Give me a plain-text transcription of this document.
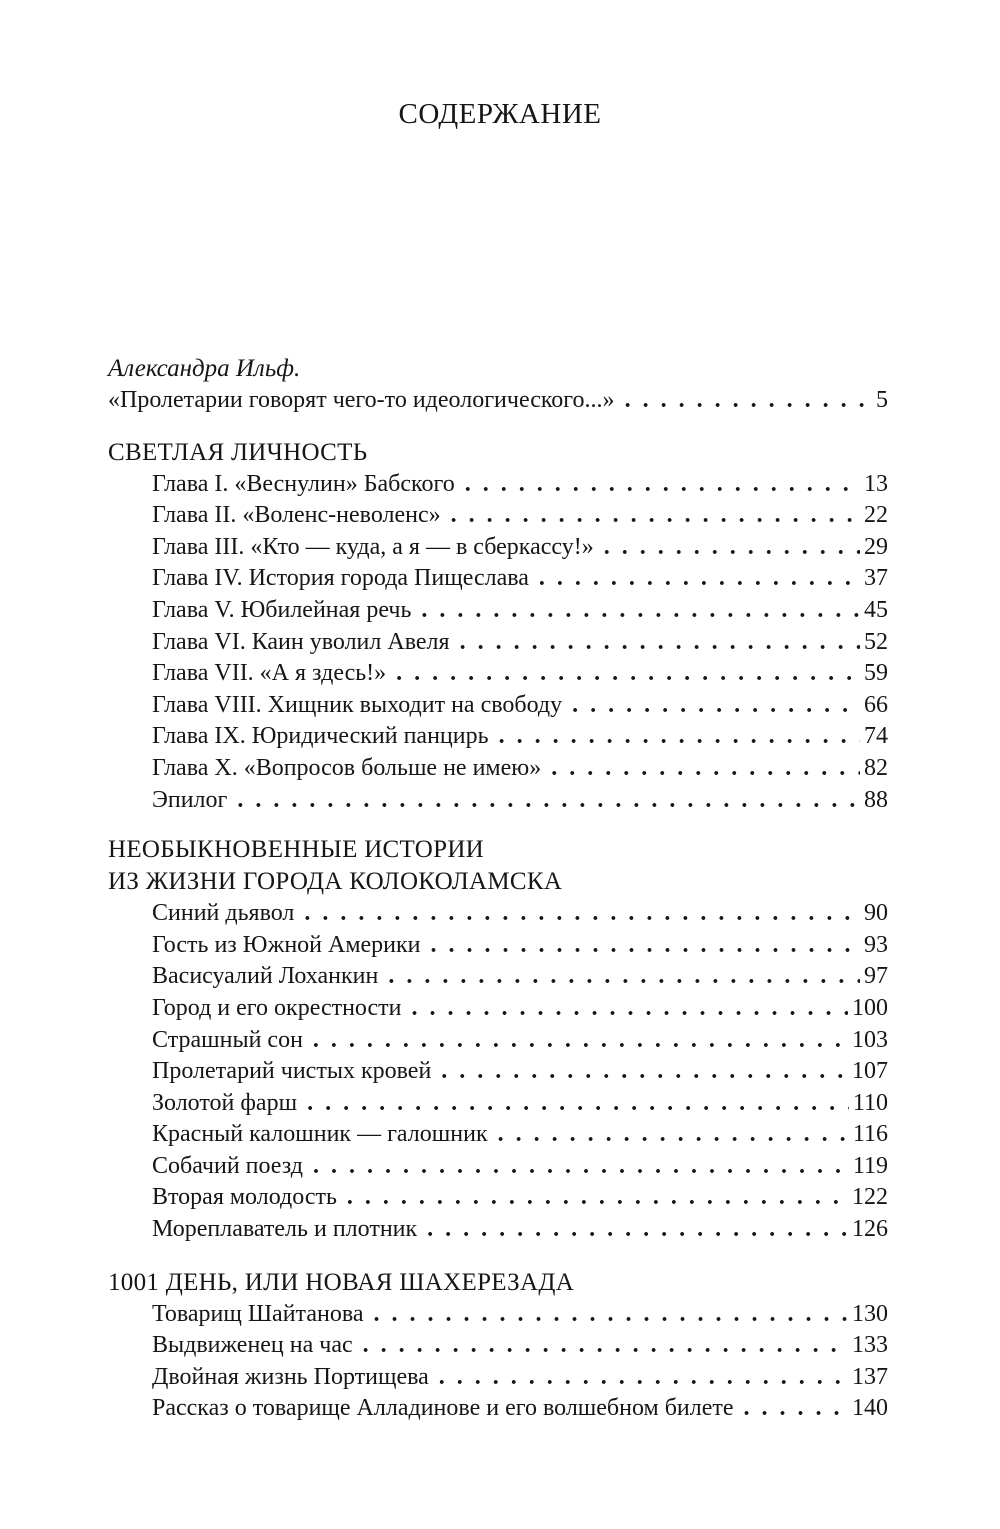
СОДЕРЖАНИЕ
Александра Ильф.
«Пролетарии говорят чего-то идеологического...» . . .	5
СВЕТЛАЯ ЛИЧНОСТЬ
Глава I. «Веснулин» Бабского . . .	13
Глава II. «Воленс-неволенс» . . .	22
Глава III. «Кто — куда, а я — в сберкассу!» . . .	29
Глава IV. История города Пищеслава . . .	37
Глава V. Юбилейная речь . . .	45
Глава VI. Каин уволил Авеля . . .	52
Глава VII. «А я здесь!» . . .	59
Глава VIII. Хищник выходит на свободу . . .	66
Глава IX. Юридический панцирь . . .	74
Глава X. «Вопросов больше не имею» . . .	82
Эпилог . . .	88
НЕОБЫКНОВЕННЫЕ ИСТОРИИ
ИЗ ЖИЗНИ ГОРОДА КОЛОКОЛАМСКА
Синий дьявол . . .	90
Гость из Южной Америки . . .	93
Васисуалий Лоханкин . . .	97
Город и его окрестности . . .	100
Страшный сон . . .	103
Пролетарий чистых кровей . . .	107
Золотой фарш . . .	110
Красный калошник — галошник . . .	116
Собачий поезд . . .	119
Вторая молодость . . .	122
Мореплаватель и плотник . . .	126
1001 ДЕНЬ, ИЛИ НОВАЯ ШАХЕРЕЗАДА
Товарищ Шайтанова . . .	130
Выдвиженец на час . . .	133
Двойная жизнь Портищева . . .	137
Рассказ о товарище Алладинове и его волшебном билете . . .	140
